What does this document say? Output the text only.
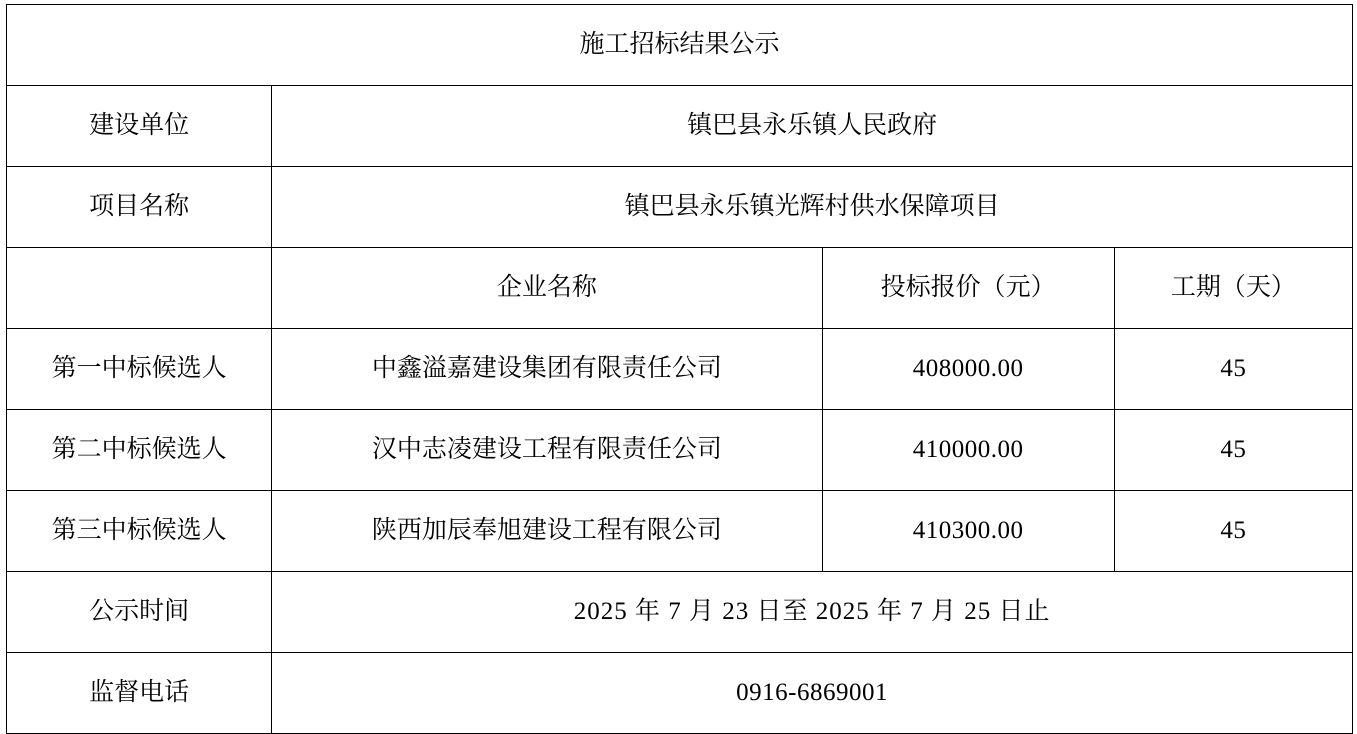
施工招标结果公示			
建设单位	镇巴县永乐镇人民政府		
项目名称	镇巴县永乐镇光辉村供水保障项目		
	企业名称	投标报价（元）	工期（天）
第一中标候选人	中鑫溢嘉建设集团有限责任公司	408000.00	45
第二中标候选人	汉中志凌建设工程有限责任公司	410000.00	45
第三中标候选人	陕西加辰奉旭建设工程有限公司	410300.00	45
公示时间	2025 年 7 月 23 日至 2025 年 7 月 25 日止		
监督电话	0916-6869001		
